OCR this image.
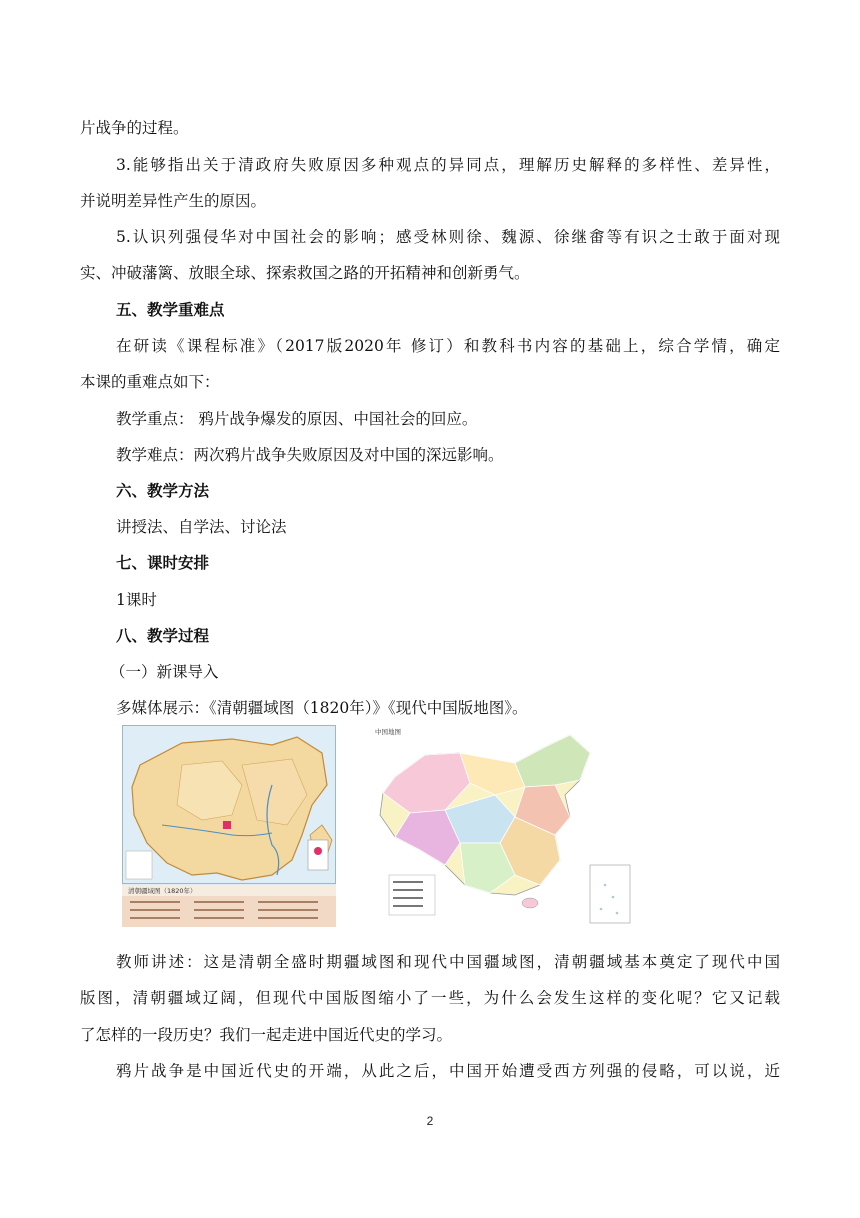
片战争的过程。
3.能够指出关于清政府失败原因多种观点的异同点，理解历史解释的多样性、差异性，
并说明差异性产生的原因。
5.认识列强侵华对中国社会的影响；感受林则徐、魏源、徐继畬等有识之士敢于面对现
实、冲破藩篱、放眼全球、探索救国之路的开拓精神和创新勇气。
五、教学重难点
在研读《课程标准》（2017版2020年 修订）和教科书内容的基础上，综合学情，确定
本课的重难点如下：
教学重点： 鸦片战争爆发的原因、中国社会的回应。
教学难点：两次鸦片战争失败原因及对中国的深远影响。
六、教学方法
讲授法、自学法、讨论法
七、课时安排
1课时
八、教学过程
（一）新课导入
多媒体展示：《清朝疆域图（1820年）》《现代中国版地图》。
清朝疆域图（1820年）
中国地图
教师讲述：这是清朝全盛时期疆域图和现代中国疆域图，清朝疆域基本奠定了现代中国
版图，清朝疆域辽阔，但现代中国版图缩小了一些，为什么会发生这样的变化呢？它又记载
了怎样的一段历史？我们一起走进中国近代史的学习。
鸦片战争是中国近代史的开端，从此之后，中国开始遭受西方列强的侵略，可以说，近
2
